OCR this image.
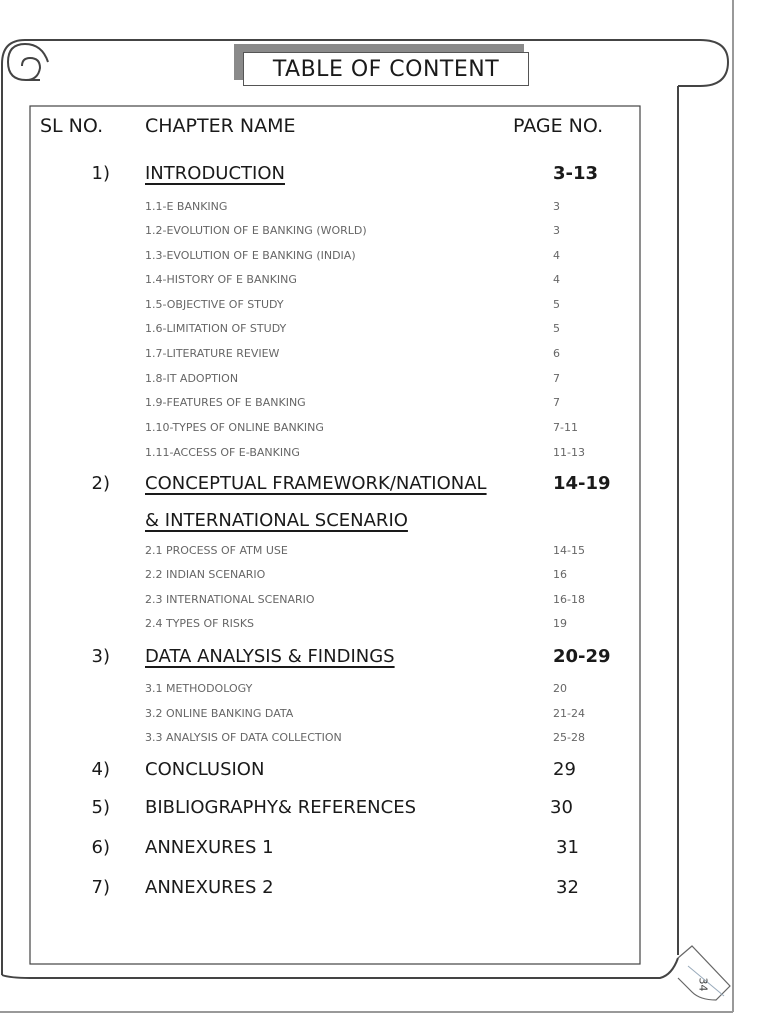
TABLE OF CONTENT
SL NO. CHAPTER NAME	PAGE NO.
1) INTRODUCTION	3-13
1.1-E BANKING	3
1.2-EVOLUTION OF E BANKING (WORLD)	3
1.3-EVOLUTION OF E BANKING (INDIA)	4
1.4-HISTORY OF E BANKING	4
1.5-OBJECTIVE OF STUDY	5
1.6-LIMITATION OF STUDY	5
1.7-LITERATURE REVIEW	6
1.8-IT ADOPTION	7
1.9-FEATURES OF E BANKING	7
1.10-TYPES OF ONLINE BANKING	7-11
1.11-ACCESS OF E-BANKING	11-13
2) CONCEPTUAL FRAMEWORK/NATIONAL	14-19
& INTERNATIONAL SCENARIO
2.1 PROCESS OF ATM USE	14-15
2.2 INDIAN SCENARIO	16
2.3 INTERNATIONAL SCENARIO	16-18
2.4 TYPES OF RISKS	19
3) DATA ANALYSIS & FINDINGS	20-29
3.1 METHODOLOGY	20
3.2 ONLINE BANKING DATA	21-24
3.3 ANALYSIS OF DATA COLLECTION	25-28
4) CONCLUSION	29
5) BIBLIOGRAPHY& REFERENCES	30
6) ANNEXURES 1	31
7) ANNEXURES 2	32
34
